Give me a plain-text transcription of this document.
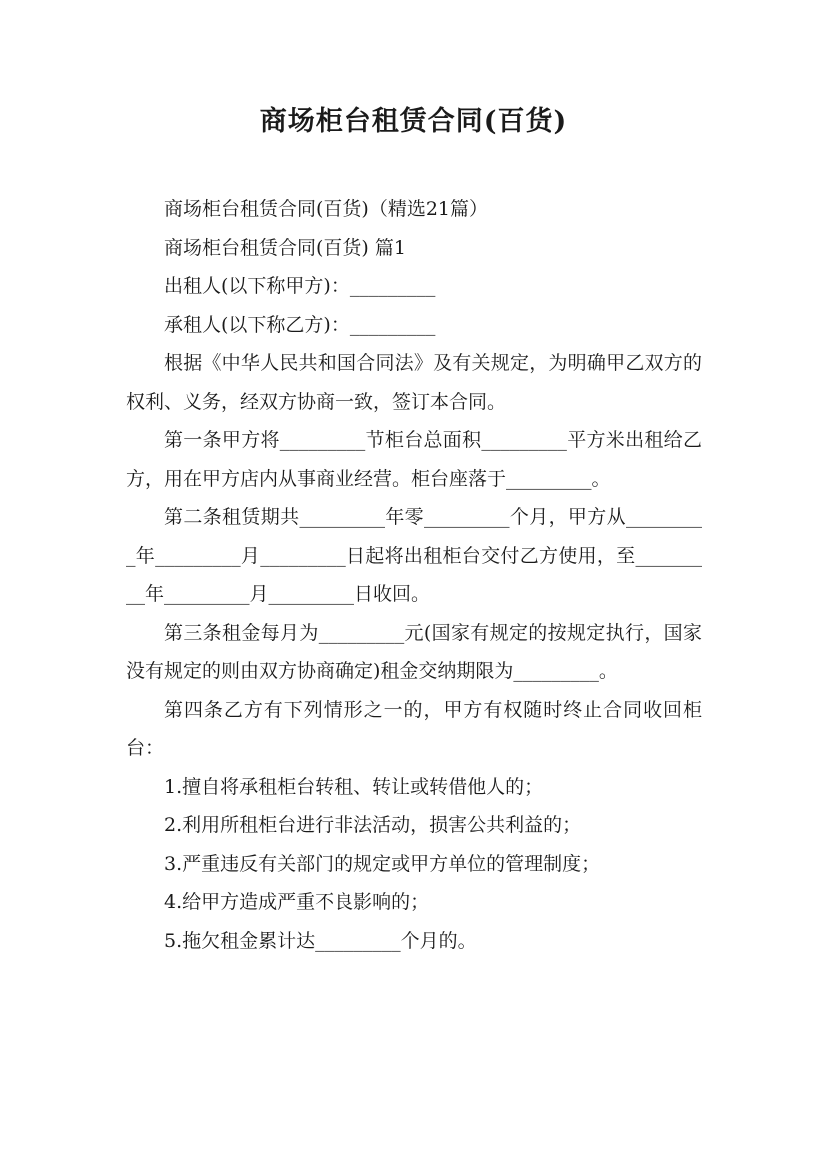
商场柜台租赁合同(百货)

商场柜台租赁合同(百货)（精选21篇）

商场柜台租赁合同(百货) 篇1

出租人(以下称甲方)：_________

承租人(以下称乙方)：_________

根据《中华人民共和国合同法》及有关规定，为明确甲乙双方的权利、义务，经双方协商一致，签订本合同。

第一条甲方将_________节柜台总面积_________平方米出租给乙方，用在甲方店内从事商业经营。柜台座落于_________。

第二条租赁期共_________年零_________个月，甲方从_________年_________月_________日起将出租柜台交付乙方使用，至_________年_________月_________日收回。

第三条租金每月为_________元(国家有规定的按规定执行，国家没有规定的则由双方协商确定)租金交纳期限为_________。

第四条乙方有下列情形之一的，甲方有权随时终止合同收回柜台：

1.擅自将承租柜台转租、转让或转借他人的；

2.利用所租柜台进行非法活动，损害公共利益的；

3.严重违反有关部门的规定或甲方单位的管理制度；

4.给甲方造成严重不良影响的；

5.拖欠租金累计达_________个月的。
